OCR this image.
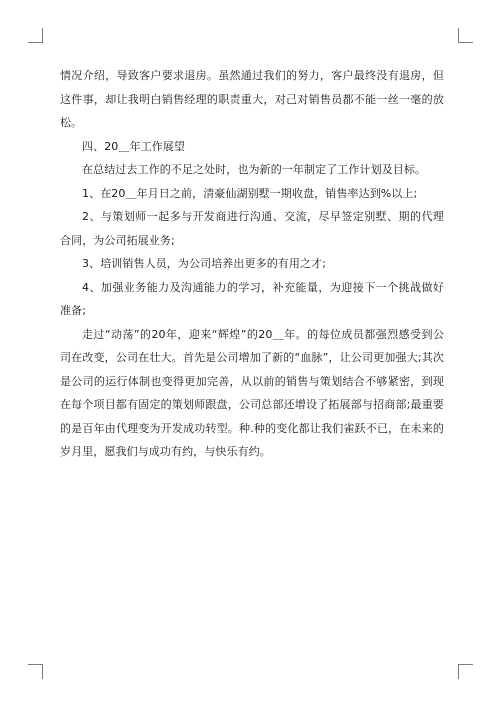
情况介绍，导致客户要求退房。虽然通过我们的努力，客户最终没有退房，但这件事，却让我明白销售经理的职责重大，对己对销售员都不能一丝一毫的放松。

四、20＿年工作展望

在总结过去工作的不足之处时，也为新的一年制定了工作计划及目标。

1、在20＿年月日之前，清豪仙湖别墅一期收盘，销售率达到%以上;

2、与策划师一起多与开发商进行沟通、交流，尽早签定别墅、期的代理合同，为公司拓展业务;

3、培训销售人员，为公司培养出更多的有用之才;

4、加强业务能力及沟通能力的学习，补充能量，为迎接下一个挑战做好准备;

走过“动荡”的20年，迎来“辉煌”的20＿年。的每位成员都强烈感受到公司在改变，公司在壮大。首先是公司增加了新的“血脉”，让公司更加强大;其次是公司的运行体制也变得更加完善，从以前的销售与策划结合不够紧密，到现在每个项目都有固定的策划师跟盘，公司总部还增设了拓展部与招商部;最重要的是百年由代理变为开发成功转型。种.种的变化都让我们雀跃不已，在未来的岁月里，愿我们与成功有约，与快乐有约。
